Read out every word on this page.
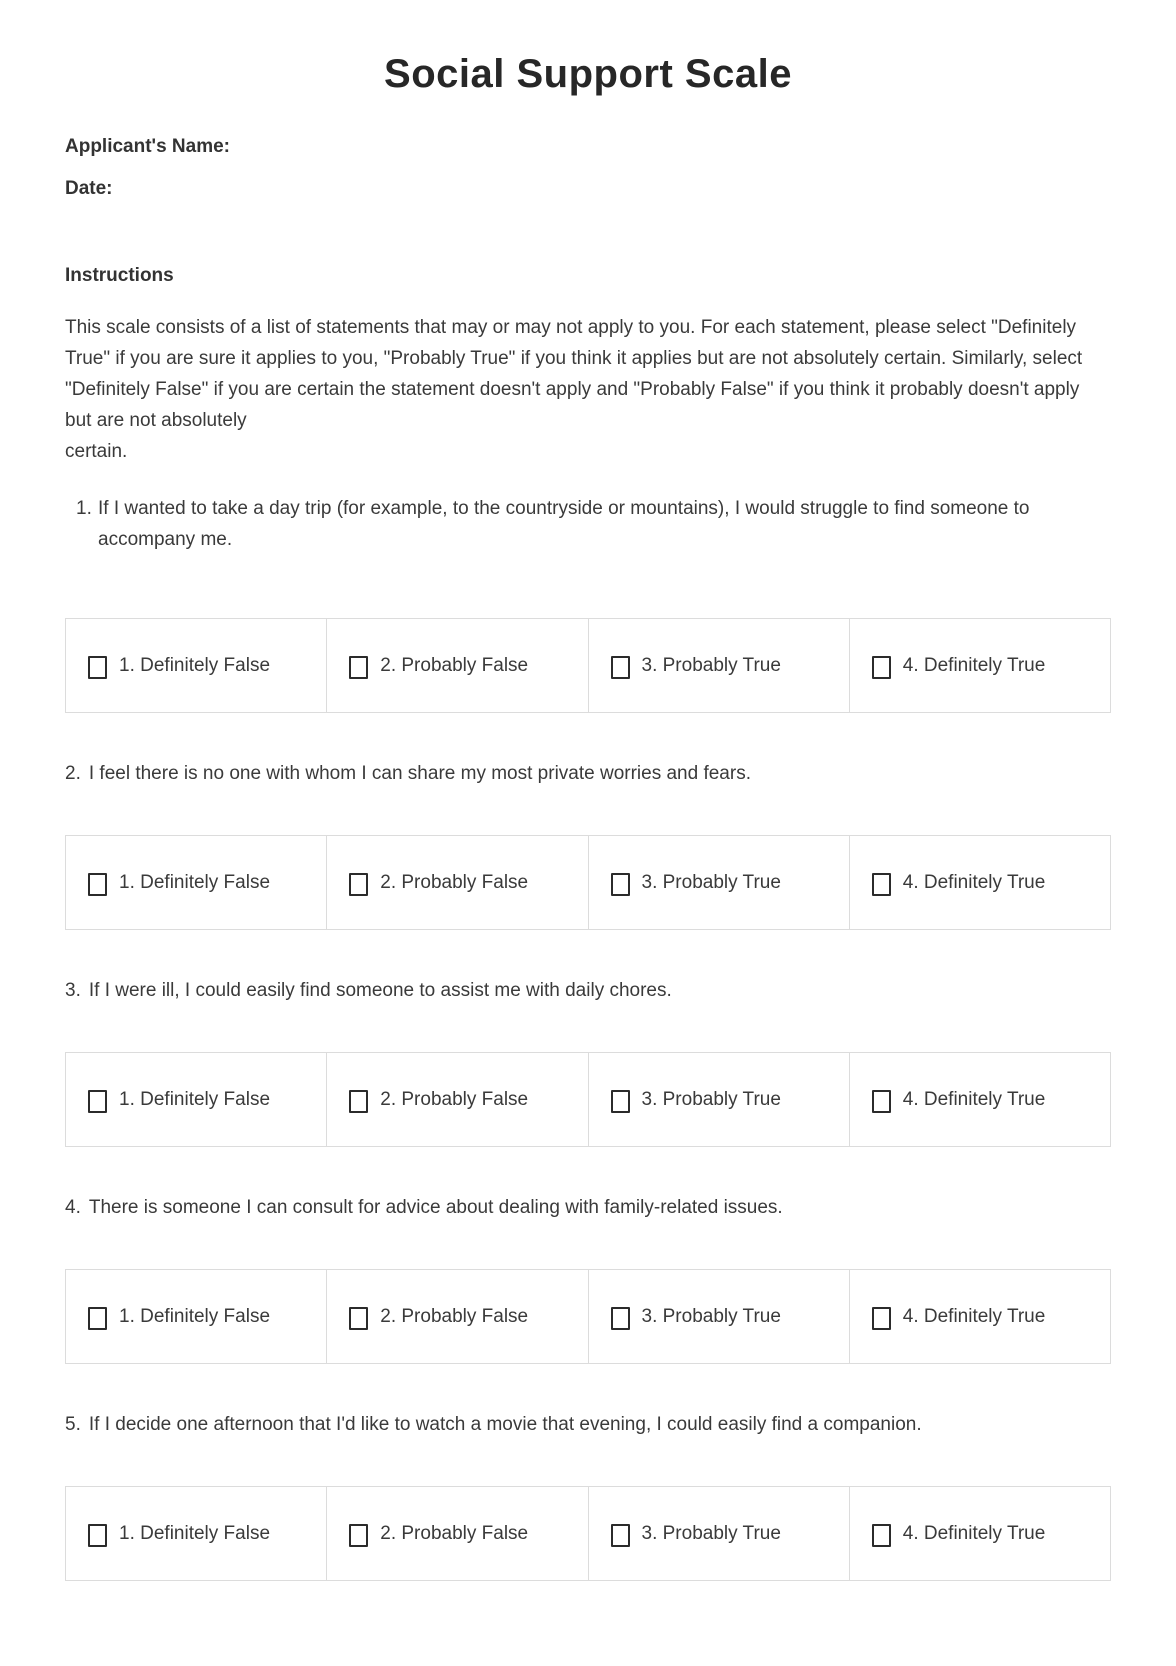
Social Support Scale

Applicant's Name:

Date:

Instructions

This scale consists of a list of statements that may or may not apply to you. For each statement, please select "Definitely True" if you are sure it applies to you, "Probably True" if you think it applies but are not absolutely certain. Similarly, select "Definitely False" if you are certain the statement doesn't apply and "Probably False" if you think it probably doesn't apply but are not absolutely
certain.

1. If I wanted to take a day trip (for example, to the countryside or mountains), I would struggle to find someone to accompany me.

1. Definitely False	2. Probably False	3. Probably True	4. Definitely True

2. I feel there is no one with whom I can share my most private worries and fears.

1. Definitely False	2. Probably False	3. Probably True	4. Definitely True

3. If I were ill, I could easily find someone to assist me with daily chores.

1. Definitely False	2. Probably False	3. Probably True	4. Definitely True

4. There is someone I can consult for advice about dealing with family-related issues.

1. Definitely False	2. Probably False	3. Probably True	4. Definitely True

5. If I decide one afternoon that I'd like to watch a movie that evening, I could easily find a companion.

1. Definitely False	2. Probably False	3. Probably True	4. Definitely True
